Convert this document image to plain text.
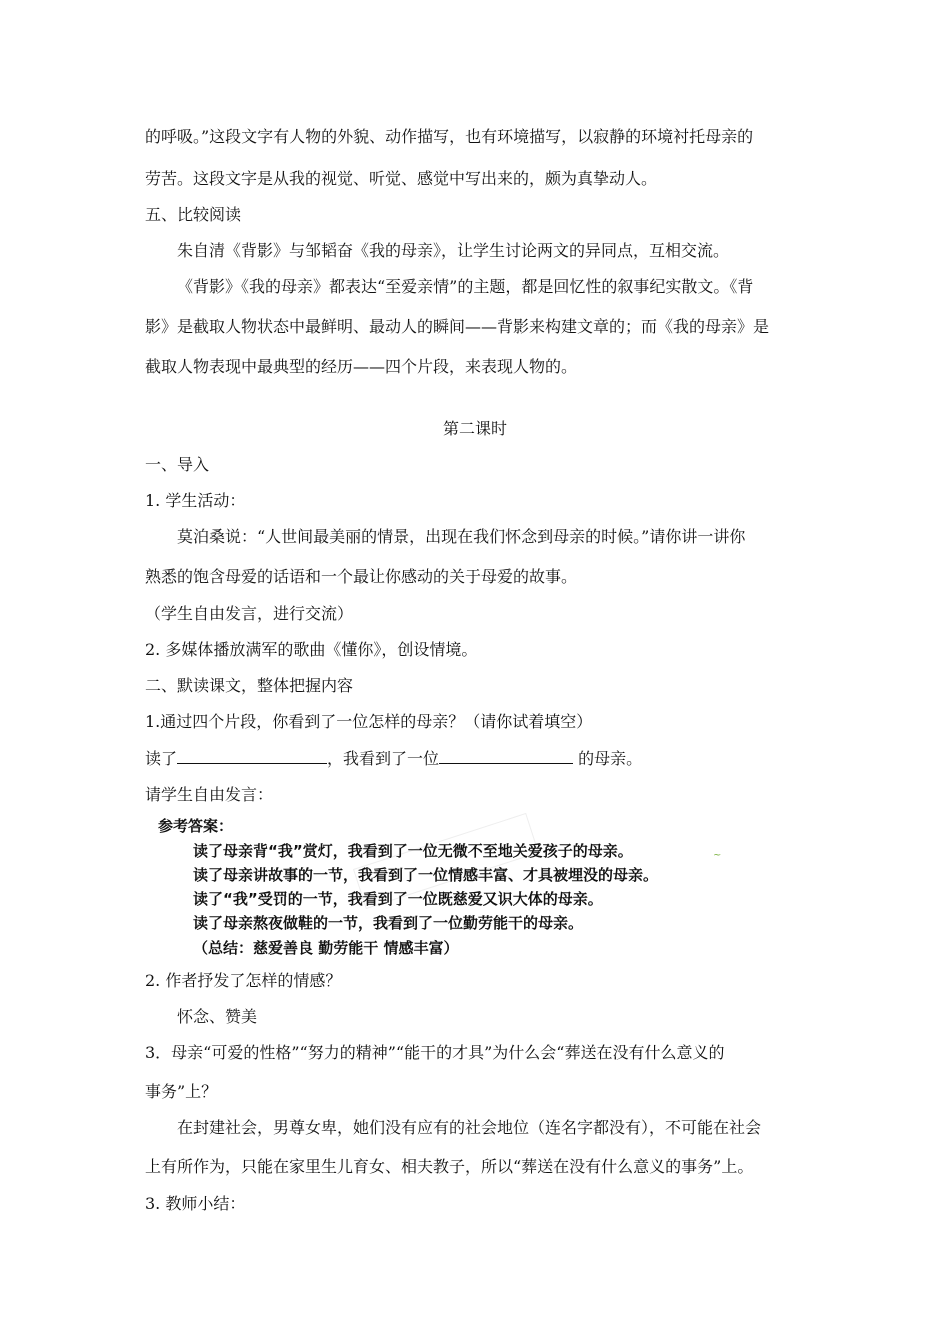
的呼吸。”这段文字有人物的外貌、动作描写，也有环境描写，以寂静的环境衬托母亲的
劳苦。这段文字是从我的视觉、听觉、感觉中写出来的，颇为真挚动人。
五、比较阅读
朱自清《背影》与邹韬奋《我的母亲》，让学生讨论两文的异同点，互相交流。
《背影》《我的母亲》都表达“至爱亲情”的主题，都是回忆性的叙事纪实散文。《背
影》是截取人物状态中最鲜明、最动人的瞬间——背影来构建文章的；而《我的母亲》是
截取人物表现中最典型的经历——四个片段，来表现人物的。
第二课时
一、导入
1. 学生活动：
莫泊桑说：“人世间最美丽的情景，出现在我们怀念到母亲的时候。”请你讲一讲你
熟悉的饱含母爱的话语和一个最让你感动的关于母爱的故事。
（学生自由发言，进行交流）
2. 多媒体播放满军的歌曲《懂你》，创设情境。
二、默读课文，整体把握内容
1.通过四个片段，你看到了一位怎样的母亲？（请你试着填空）
读了	，我看到了一位	的母亲。
请学生自由发言：
参考答案：
读了母亲背“我”赏灯，我看到了一位无微不至地关爱孩子的母亲。
读了母亲讲故事的一节，我看到了一位情感丰富、才具被埋没的母亲。
读了“我”受罚的一节，我看到了一位既慈爱又识大体的母亲。
读了母亲熬夜做鞋的一节，我看到了一位勤劳能干的母亲。
（总结：慈爱善良 勤劳能干 情感丰富）
~
2. 作者抒发了怎样的情感？
怀念、赞美
3．母亲“可爱的性格”“努力的精神”“能干的才具”为什么会“葬送在没有什么意义的
事务”上？
在封建社会，男尊女卑，她们没有应有的社会地位（连名字都没有），不可能在社会
上有所作为，只能在家里生儿育女、相夫教子，所以“葬送在没有什么意义的事务”上。
3. 教师小结：
